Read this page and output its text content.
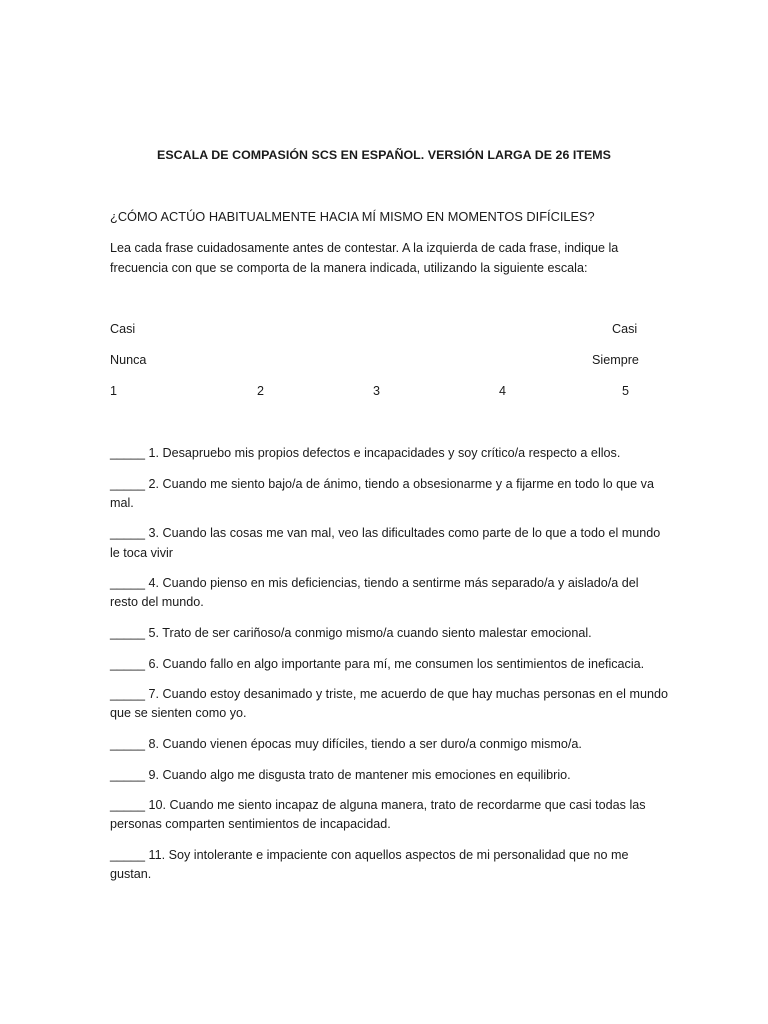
ESCALA DE COMPASIÓN SCS EN ESPAÑOL. VERSIÓN LARGA DE 26 ITEMS
¿CÓMO ACTÚO HABITUALMENTE HACIA MÍ MISMO EN MOMENTOS DIFÍCILES?
Lea cada frase cuidadosamente antes de contestar. A la izquierda de cada frase, indique la frecuencia con que se comporta de la manera indicada, utilizando la siguiente escala:
Casi	Casi
Nunca	Siempre
1	2	3	4	5
_____ 1. Desapruebo mis propios defectos e incapacidades y soy crítico/a respecto a ellos.
_____ 2. Cuando me siento bajo/a de ánimo, tiendo a obsesionarme y a fijarme en todo lo que va mal.
_____ 3. Cuando las cosas me van mal, veo las dificultades como parte de lo que a todo el mundo le toca vivir
_____ 4. Cuando pienso en mis deficiencias, tiendo a sentirme más separado/a y aislado/a del resto del mundo.
_____ 5. Trato de ser cariñoso/a conmigo mismo/a cuando siento malestar emocional.
_____ 6. Cuando fallo en algo importante para mí, me consumen los sentimientos de ineficacia.
_____ 7. Cuando estoy desanimado y triste, me acuerdo de que hay muchas personas en el mundo que se sienten como yo.
_____ 8. Cuando vienen épocas muy difíciles, tiendo a ser duro/a conmigo mismo/a.
_____ 9. Cuando algo me disgusta trato de mantener mis emociones en equilibrio.
_____ 10. Cuando me siento incapaz de alguna manera, trato de recordarme que casi todas las personas comparten sentimientos de incapacidad.
_____ 11. Soy intolerante e impaciente con aquellos aspectos de mi personalidad que no me gustan.
